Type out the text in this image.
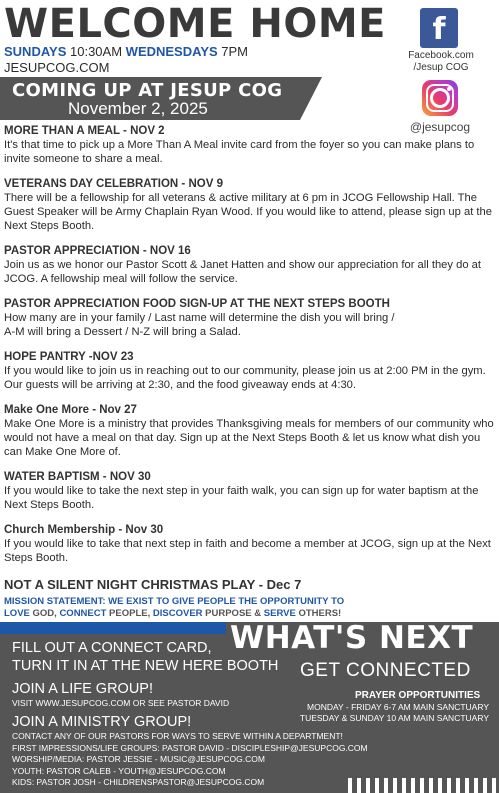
WELCOME HOME
SUNDAYS 10:30AM WEDNESDAYS 7PM
JESUPCOG.COM
f
Facebook.com
/Jesup COG
@jesupcog
COMING UP AT JESUP COG
November 2, 2025
MORE THAN A MEAL - NOV 2
It's that time to pick up a More Than A Meal invite card from the foyer so you can make plans to invite someone to share a meal.
VETERANS DAY CELEBRATION - NOV 9
There will be a fellowship for all veterans & active military at 6 pm in JCOG Fellowship Hall. The Guest Speaker will be Army Chaplain Ryan Wood. If you would like to attend, please sign up at the Next Steps Booth.
PASTOR APPRECIATION - NOV 16
Join us as we honor our Pastor Scott & Janet Hatten and show our appreciation for all they do at JCOG. A fellowship meal will follow the service.
PASTOR APPRECIATION FOOD SIGN-UP AT THE NEXT STEPS BOOTH
How many are in your family / Last name will determine the dish you will bring /
A-M will bring a Dessert / N-Z will bring a Salad.
HOPE PANTRY -NOV 23
If you would like to join us in reaching out to our community, please join us at 2:00 PM in the gym. Our guests will be arriving at 2:30, and the food giveaway ends at 4:30.
Make One More - Nov 27
Make One More is a ministry that provides Thanksgiving meals for members of our community who would not have a meal on that day. Sign up at the Next Steps Booth & let us know what dish you can Make One More of.
WATER BAPTISM - NOV 30
If you would like to take the next step in your faith walk, you can sign up for water baptism at the Next Steps Booth.
Church Membership - Nov 30
If you would like to take that next step in faith and become a member at JCOG, sign up at the Next Steps Booth.
NOT A SILENT NIGHT CHRISTMAS PLAY - Dec 7
MISSION STATEMENT: WE EXIST TO GIVE PEOPLE THE OPPORTUNITY TO
LOVE GOD, CONNECT PEOPLE, DISCOVER PURPOSE & SERVE OTHERS!
WHAT'S NEXT
GET CONNECTED
FILL OUT A CONNECT CARD,
TURN IT IN AT THE NEW HERE BOOTH
JOIN A LIFE GROUP!
VISIT WWW.JESUPCOG.COM OR SEE PASTOR DAVID
PRAYER OPPORTUNITIES
MONDAY - FRIDAY 6-7 AM MAIN SANCTUARY
TUESDAY & SUNDAY 10 AM MAIN SANCTUARY
JOIN A MINISTRY GROUP!
CONTACT ANY OF OUR PASTORS FOR WAYS TO SERVE WITHIN A DEPARTMENT!
FIRST IMPRESSIONS/LIFE GROUPS: PASTOR DAVID - DISCIPLESHIP@JESUPCOG.COM
WORSHIP/MEDIA: PASTOR JESSIE - MUSIC@JESUPCOG.COM
YOUTH: PASTOR CALEB - YOUTH@JESUPCOG.COM
KIDS: PASTOR JOSH - CHILDRENSPASTOR@JESUPCOG.COM
